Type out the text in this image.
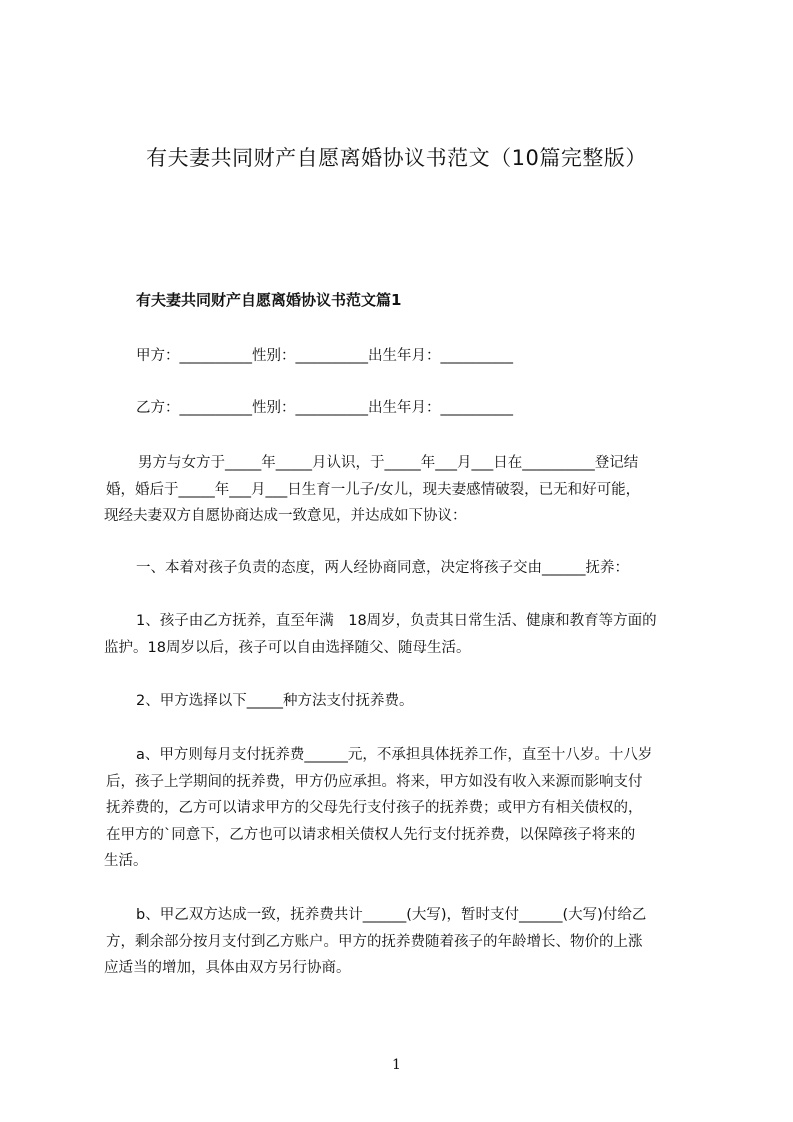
有夫妻共同财产自愿离婚协议书范文（10篇完整版）
有夫妻共同财产自愿离婚协议书范文篇1
甲方：__________性别：__________出生年月：__________
乙方：__________性别：__________出生年月：__________
男方与女方于_____年_____月认识，于_____年___月___日在__________登记结
婚，婚后于_____年___月___日生育一儿子/女儿，现夫妻感情破裂，已无和好可能，
现经夫妻双方自愿协商达成一致意见，并达成如下协议：
一、本着对孩子负责的态度，两人经协商同意，决定将孩子交由______抚养：
1、孩子由乙方抚养，直至年满　18周岁，负责其日常生活、健康和教育等方面的
监护。18周岁以后，孩子可以自由选择随父、随母生活。
2、甲方选择以下_____种方法支付抚养费。
a、甲方则每月支付抚养费______元，不承担具体抚养工作，直至十八岁。十八岁
后，孩子上学期间的抚养费，甲方仍应承担。将来，甲方如没有收入来源而影响支付
抚养费的，乙方可以请求甲方的父母先行支付孩子的抚养费；或甲方有相关债权的，
在甲方的`同意下，乙方也可以请求相关债权人先行支付抚养费，以保障孩子将来的
生活。
b、甲乙双方达成一致，抚养费共计______(大写)，暂时支付______(大写)付给乙
方，剩余部分按月支付到乙方账户。甲方的抚养费随着孩子的年龄增长、物价的上涨
应适当的增加，具体由双方另行协商。
1
